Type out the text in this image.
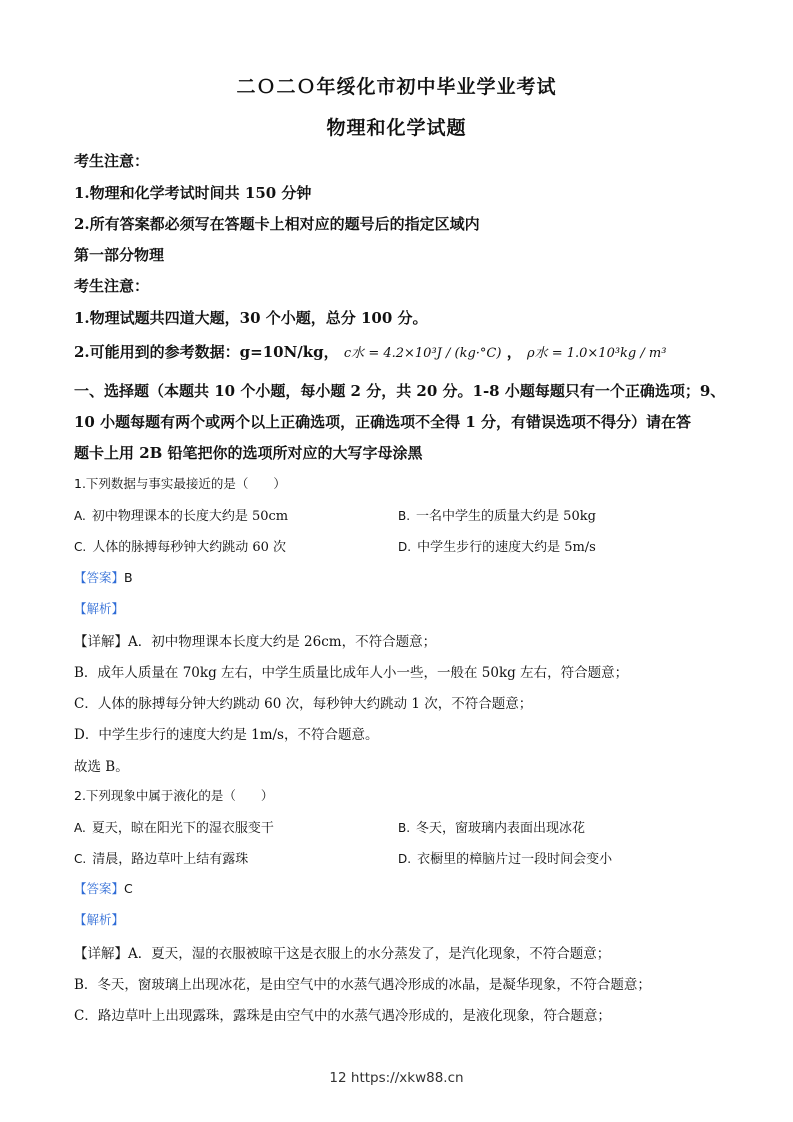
二Ｏ二Ｏ年绥化市初中毕业学业考试
物理和化学试题
考生注意：
1.物理和化学考试时间共 150 分钟
2.所有答案都必须写在答题卡上相对应的题号后的指定区域内
第一部分物理
考生注意：
1.物理试题共四道大题，30 个小题，总分 100 分。
2.可能用到的参考数据：g=10N/kg， c水 = 4.2×10³J / (kg·°C) ， ρ水 = 1.0×10³kg / m³
一、选择题（本题共 10 个小题，每小题 2 分，共 20 分。1-8 小题每题只有一个正确选项；9、
10 小题每题有两个或两个以上正确选项，正确选项不全得 1 分，有错误选项不得分）请在答
题卡上用 2B 铅笔把你的选项所对应的大写字母涂黑
1.下列数据与事实最接近的是（　　）
A. 初中物理课本的长度大约是 50cm	B. 一名中学生的质量大约是 50kg
C. 人体的脉搏每秒钟大约跳动 60 次	D. 中学生步行的速度大约是 5m/s
【答案】B
【解析】
【详解】A．初中物理课本长度大约是 26cm，不符合题意；
B．成年人质量在 70kg 左右，中学生质量比成年人小一些，一般在 50kg 左右，符合题意；
C．人体的脉搏每分钟大约跳动 60 次，每秒钟大约跳动 1 次，不符合题意；
D．中学生步行的速度大约是 1m/s，不符合题意。
故选 B。
2.下列现象中属于液化的是（　　）
A. 夏天，晾在阳光下的湿衣服变干	B. 冬天，窗玻璃内表面出现冰花
C. 清晨，路边草叶上结有露珠	D. 衣橱里的樟脑片过一段时间会变小
【答案】C
【解析】
【详解】A．夏天，湿的衣服被晾干这是衣服上的水分蒸发了，是汽化现象，不符合题意；
B．冬天，窗玻璃上出现冰花，是由空气中的水蒸气遇冷形成的冰晶，是凝华现象，不符合题意；
C．路边草叶上出现露珠，露珠是由空气中的水蒸气遇冷形成的，是液化现象，符合题意；
12 https://xkw88.cn
